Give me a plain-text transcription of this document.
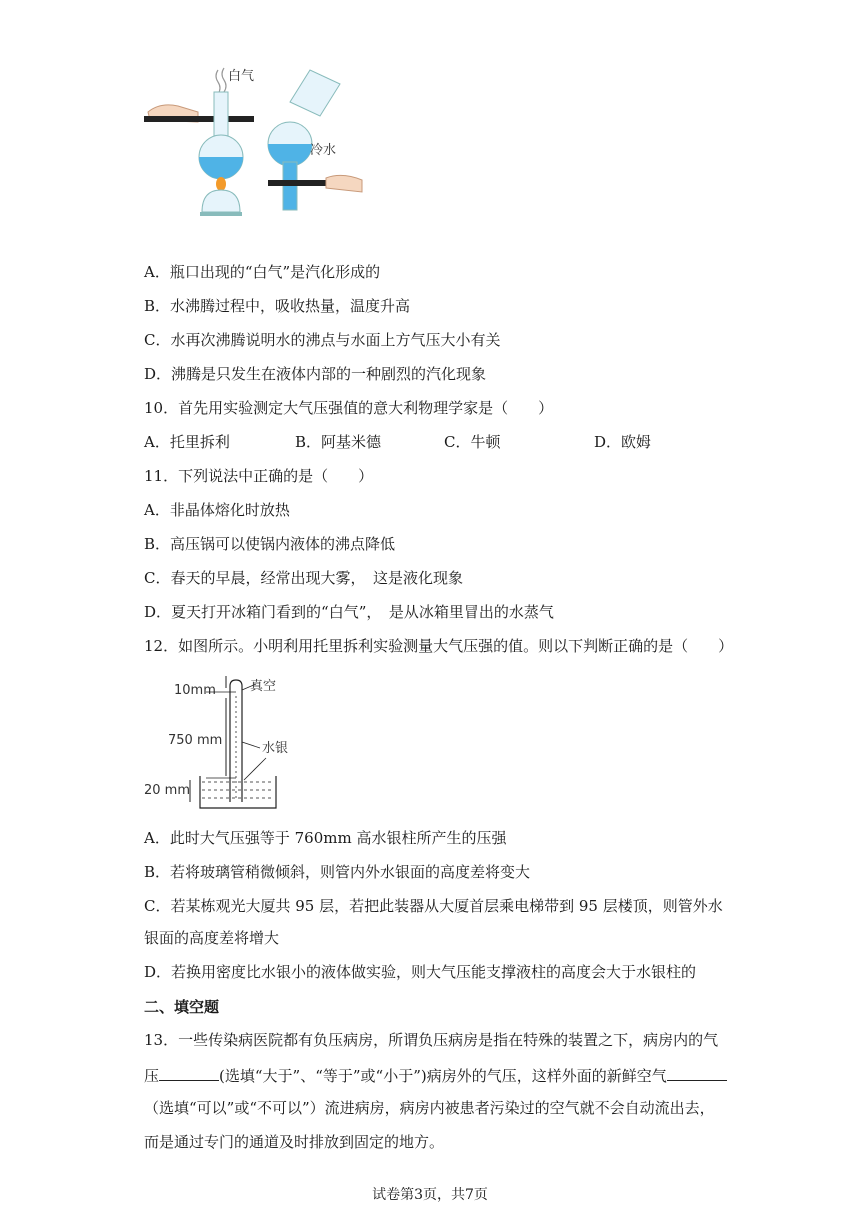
白气
冷水
A．瓶口出现的“白气”是汽化形成的
B．水沸腾过程中，吸收热量，温度升高
C．水再次沸腾说明水的沸点与水面上方气压大小有关
D．沸腾是只发生在液体内部的一种剧烈的汽化现象
10．首先用实验测定大气压强值的意大利物理学家是（　　）
A．托里拆利	B．阿基米德	C．牛顿	D．欧姆
11．下列说法中正确的是（　　）
A．非晶体熔化时放热
B．高压锅可以使锅内液体的沸点降低
C．春天的早晨，经常出现大雾，　这是液化现象
D．夏天打开冰箱门看到的“白气”，　是从冰箱里冒出的水蒸气
12．如图所示。小明利用托里拆利实验测量大气压强的值。则以下判断正确的是（　　）
10mm	真空
750 mm
水银
20 mm
A．此时大气压强等于 760mm 高水银柱所产生的压强
B．若将玻璃管稍微倾斜，则管内外水银面的高度差将变大
C．若某栋观光大厦共 95 层，若把此装器从大厦首层乘电梯带到 95 层楼顶，则管外水
银面的高度差将增大
D．若换用密度比水银小的液体做实验，则大气压能支撑液柱的高度会大于水银柱的
二、填空题
13．一些传染病医院都有负压病房，所谓负压病房是指在特殊的装置之下，病房内的气
压	(选填“大于”、“等于”或“小于”)病房外的气压，这样外面的新鲜空气
（选填“可以”或“不可以”）流进病房，病房内被患者污染过的空气就不会自动流出去，
而是通过专门的通道及时排放到固定的地方。
试卷第3页，共7页
